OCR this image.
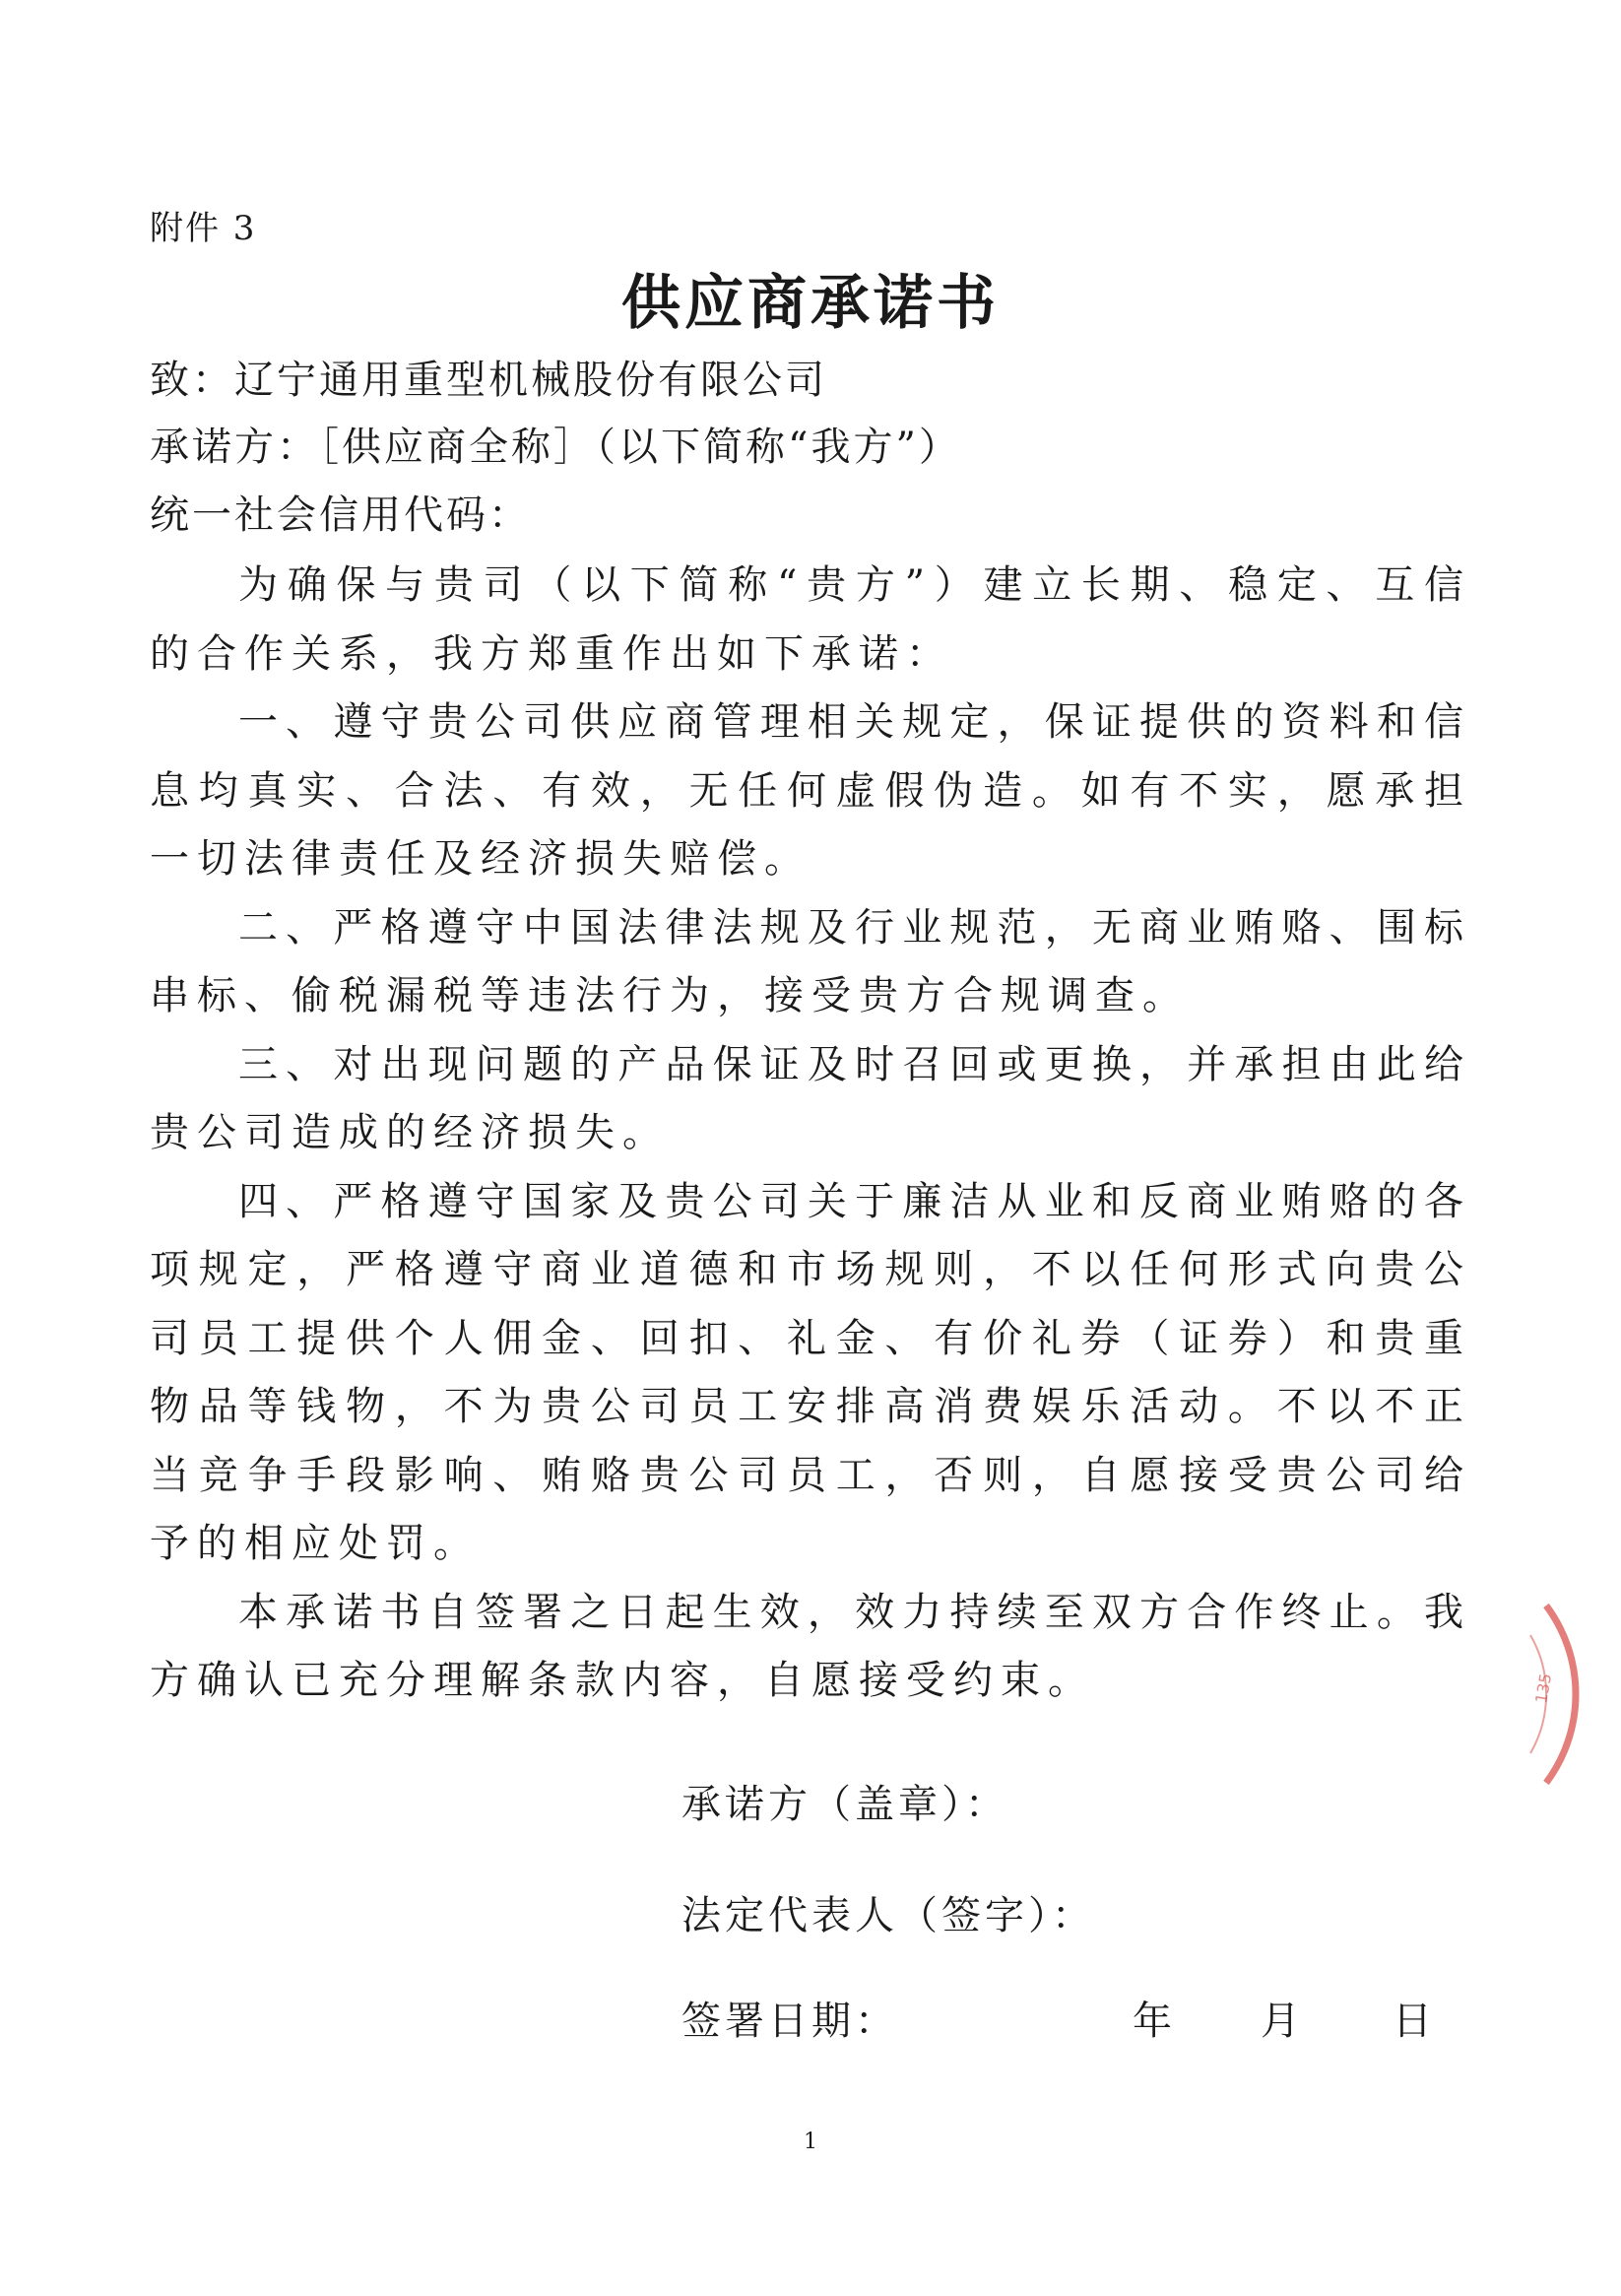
附件 3
供应商承诺书
致：辽宁通用重型机械股份有限公司
承诺方：［供应商全称］（以下简称“我方”）
统一社会信用代码：

为确保与贵司（以下简称“贵方”）建立长期、稳定、互信的合作关系，我方郑重作出如下承诺：

一、遵守贵公司供应商管理相关规定，保证提供的资料和信息均真实、合法、有效，无任何虚假伪造。如有不实，愿承担一切法律责任及经济损失赔偿。

二、严格遵守中国法律法规及行业规范，无商业贿赂、围标串标、偷税漏税等违法行为，接受贵方合规调查。

三、对出现问题的产品保证及时召回或更换，并承担由此给贵公司造成的经济损失。

四、严格遵守国家及贵公司关于廉洁从业和反商业贿赂的各项规定，严格遵守商业道德和市场规则，不以任何形式向贵公司员工提供个人佣金、回扣、礼金、有价礼券（证券）和贵重物品等钱物，不为贵公司员工安排高消费娱乐活动。不以不正当竞争手段影响、贿赂贵公司员工，否则，自愿接受贵公司给予的相应处罚。

本承诺书自签署之日起生效，效力持续至双方合作终止。我方确认已充分理解条款内容，自愿接受约束。

承诺方（盖章）：
法定代表人（签字）：
签署日期：	年 月 日
1
135
